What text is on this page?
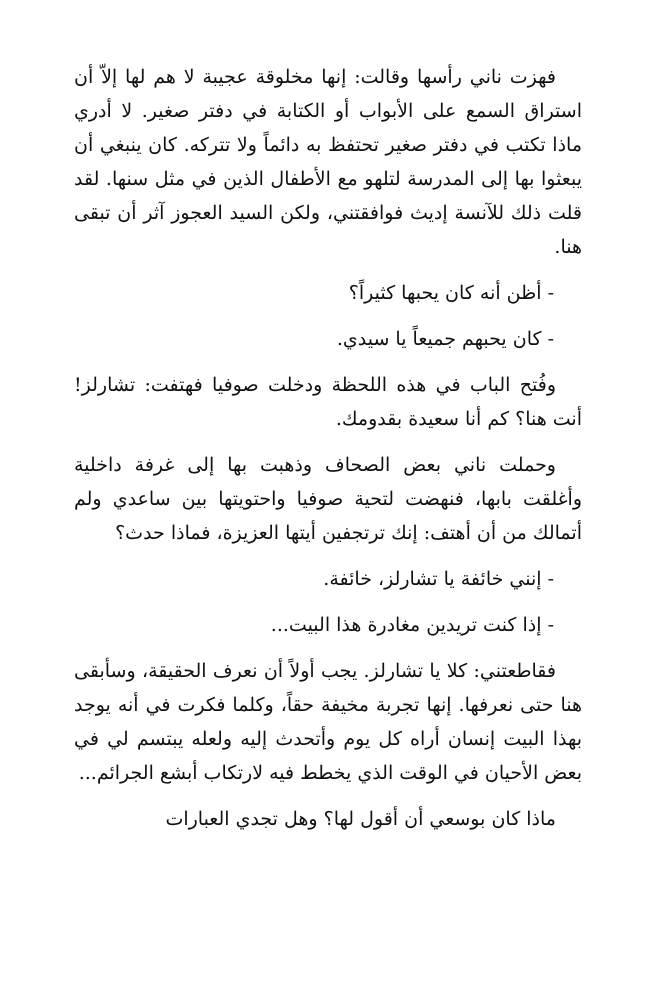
فهزت ناني رأسها وقالت: إنها مخلوقة عجيبة لا هم لها إلاّ أن استراق السمع على الأبواب أو الكتابة في دفتر صغير. لا أدري ماذا تكتب في دفتر صغير تحتفظ به دائماً ولا تتركه. كان ينبغي أن يبعثوا بها إلى المدرسة لتلهو مع الأطفال الذين في مثل سنها. لقد قلت ذلك للآنسة إديث فوافقتني، ولكن السيد العجوز آثر أن تبقى هنا.

- أظن أنه كان يحبها كثيراً؟

- كان يحبهم جميعاً يا سيدي.

وفُتح الباب في هذه اللحظة ودخلت صوفيا فهتفت: تشارلز! أنت هنا؟ كم أنا سعيدة بقدومك.

وحملت ناني بعض الصحاف وذهبت بها إلى غرفة داخلية وأغلقت بابها، فنهضت لتحية صوفيا واحتويتها بين ساعدي ولم أتمالك من أن أهتف: إنك ترتجفين أيتها العزيزة، فماذا حدث؟

- إنني خائفة يا تشارلز، خائفة.

- إذا كنت تريدين مغادرة هذا البيت...

فقاطعتني: كلا يا تشارلز. يجب أولاً أن نعرف الحقيقة، وسأبقى هنا حتى نعرفها. إنها تجربة مخيفة حقاً، وكلما فكرت في أنه يوجد بهذا البيت إنسان أراه كل يوم وأتحدث إليه ولعله يبتسم لي في بعض الأحيان في الوقت الذي يخطط فيه لارتكاب أبشع الجرائم...

ماذا كان بوسعي أن أقول لها؟ وهل تجدي العبارات
